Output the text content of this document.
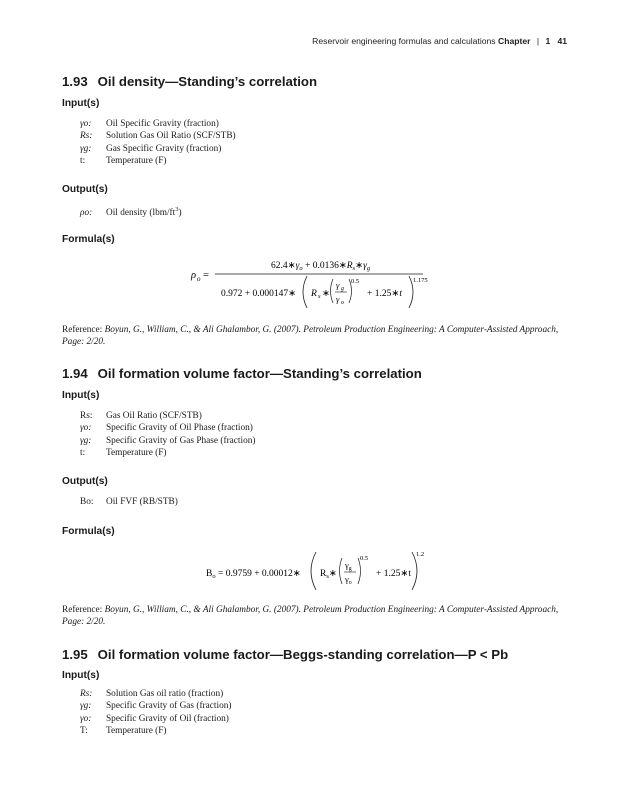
Reservoir engineering formulas and calculations Chapter | 1 41
1.93 Oil density—Standing’s correlation
Input(s)
γo: Oil Specific Gravity (fraction)
Rs: Solution Gas Oil Ratio (SCF/STB)
γg: Gas Specific Gravity (fraction)
t: Temperature (F)
Output(s)
ρo: Oil density $(lbm/ft^3)$
Formula(s)
ρ o =
$62.4∗\gamma_o$ + $0.0136∗R_s∗\gamma_g$
0.972 + 0.000147∗ R s ∗
γ g
γ o
0.5
+ 1.25∗t
1.175
Reference: Boyun, G., William, C., & Ali Ghalambor, G. (2007). Petroleum Production Engineering: A Computer-Assisted Approach, Page: 2/20.
1.94 Oil formation volume factor—Standing’s correlation
Input(s)
Rs: Gas Oil Ratio (SCF/STB)
γo: Specific Gravity of Oil Phase (fraction)
γg: Specific Gravity of Gas Phase (fraction)
t: Temperature (F)
Output(s)
Bo: Oil FVF (RB/STB)
Formula(s)
$B_o = 0.9759$ + 0.00012∗ $R_s∗$
$\gamma_g$
$\gamma_o$
0.5
+ 1.25∗t
1.2
Reference: Boyun, G., William, C., & Ali Ghalambor, G. (2007). Petroleum Production Engineering: A Computer-Assisted Approach, Page: 2/20.
1.95 Oil formation volume factor—Beggs-standing correlation—P < Pb
Input(s)
Rs: Solution Gas oil ratio (fraction)
γg: Specific Gravity of Gas (fraction)
γo: Specific Gravity of Oil (fraction)
T: Temperature (F)
